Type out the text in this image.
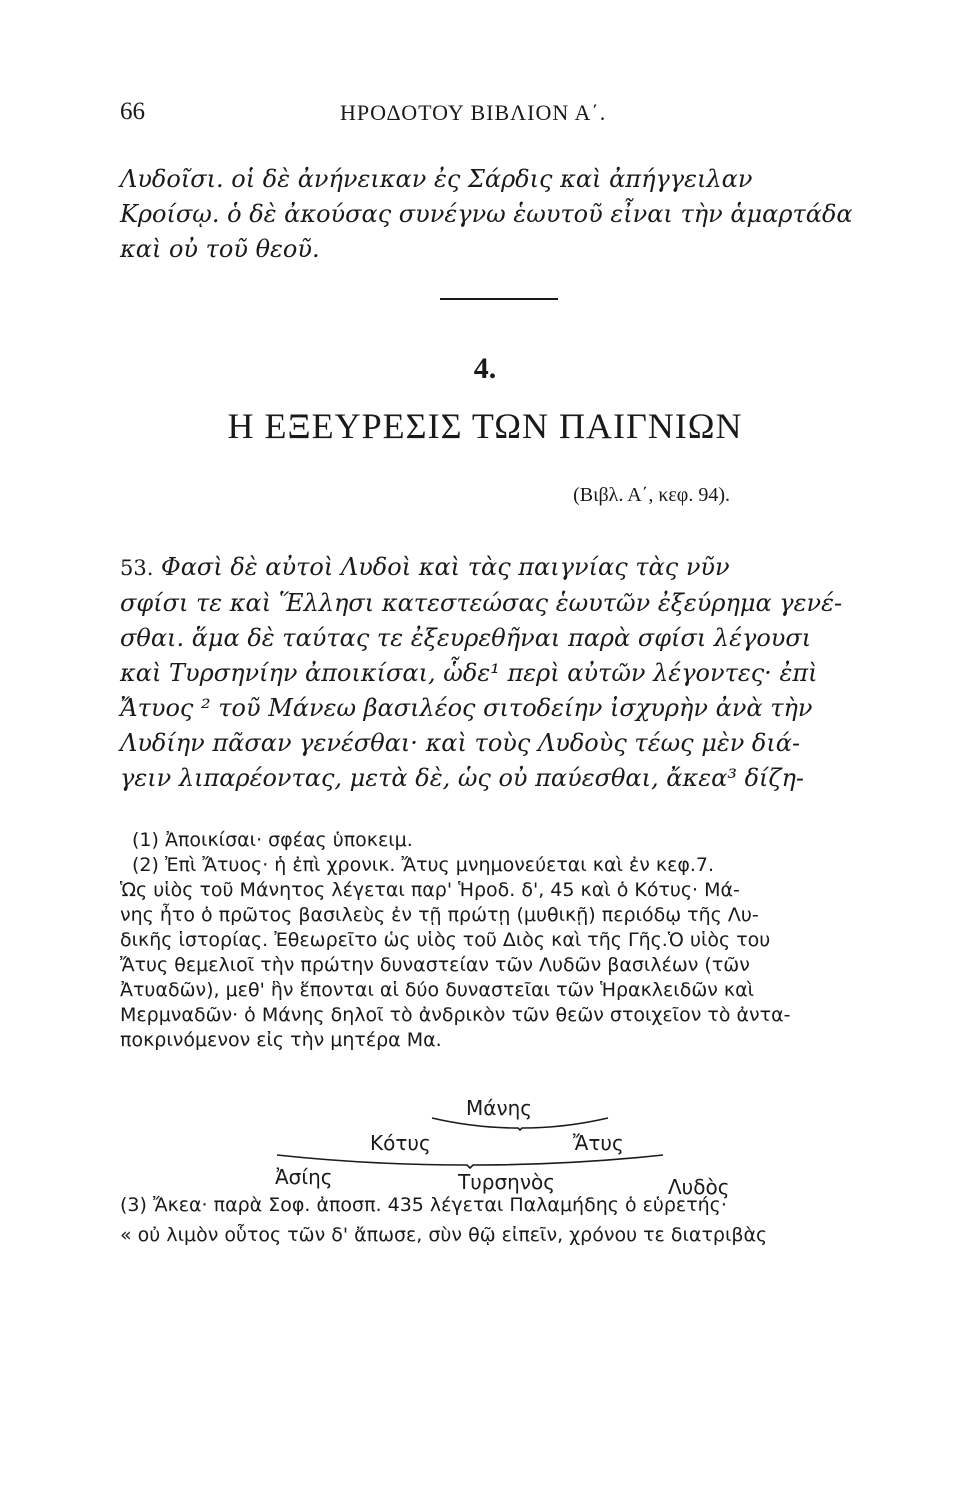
66	ΗΡΟΔΟΤΟΥ ΒΙΒΛΙΟΝ Α΄.
Λυδοῖσι. οἱ δὲ ἀνήνεικαν ἐς Σάρδις καὶ ἀπήγγειλαν
Κροίσῳ. ὁ δὲ ἀκούσας συνέγνω ἑωυτοῦ εἶναι τὴν ἁμαρτάδα
καὶ οὐ τοῦ θεοῦ.
4.
Η ΕΞΕΥΡΕΣΙΣ ΤΩΝ ΠΑΙΓΝΙΩΝ
(Βιβλ. Α΄, κεφ. 94).
53. Φασὶ δὲ αὐτοὶ Λυδοὶ καὶ τὰς παιγνίας τὰς νῦν
σφίσι τε καὶ Ἕλλησι κατεστεώσας ἑωυτῶν ἐξεύρημα γενέ-
σθαι. ἅμα δὲ ταύτας τε ἐξευρεθῆναι παρὰ σφίσι λέγουσι
καὶ Τυρσηνίην ἀποικίσαι, ὧδε¹ περὶ αὐτῶν λέγοντες· ἐπὶ
Ἄτυος ² τοῦ Μάνεω βασιλέος σιτοδείην ἰσχυρὴν ἀνὰ τὴν
Λυδίην πᾶσαν γενέσθαι· καὶ τοὺς Λυδοὺς τέως μὲν διά-
γειν λιπαρέοντας, μετὰ δὲ, ὡς οὐ παύεσθαι, ἄκεα³ δίζη-
(1) Ἀποικίσαι· σφέας ὑποκειμ.
(2) Ἐπὶ Ἄτυος· ἡ ἐπὶ χρονικ. Ἄτυς μνημονεύεται καὶ ἐν κεφ.7.
Ὡς υἱὸς τοῦ Μάνητος λέγεται παρ' Ἡροδ. δ', 45 καὶ ὁ Κότυς· Μά-
νης ἦτο ὁ πρῶτος βασιλεὺς ἐν τῇ πρώτῃ (μυθικῇ) περιόδῳ τῆς Λυ-
δικῆς ἱστορίας. Ἐθεωρεῖτο ὡς υἱὸς τοῦ Διὸς καὶ τῆς Γῆς.Ὁ υἱὸς του
Ἄτυς θεμελιοῖ τὴν πρώτην δυναστείαν τῶν Λυδῶν βασιλέων (τῶν
Ἀτυαδῶν), μεθ' ἣν ἕπονται αἱ δύο δυναστεῖαι τῶν Ἡρακλειδῶν καὶ
Μερμναδῶν· ὁ Μάνης δηλοῖ τὸ ἀνδρικὸν τῶν θεῶν στοιχεῖον τὸ ἀντα-
ποκρινόμενον εἰς τὴν μητέρα Μα.
Μάνης
Κότυς	Ἄτυς
Ἀσίης	Τυρσηνὸς	Λυδὸς
(3) Ἄκεα· παρὰ Σοφ. ἀποσπ. 435 λέγεται Παλαμήδης ὁ εὑρετής·
« οὐ λιμὸν οὗτος τῶν δ' ἄπωσε, σὺν θῷ εἰπεῖν, χρόνου τε διατριβὰς
